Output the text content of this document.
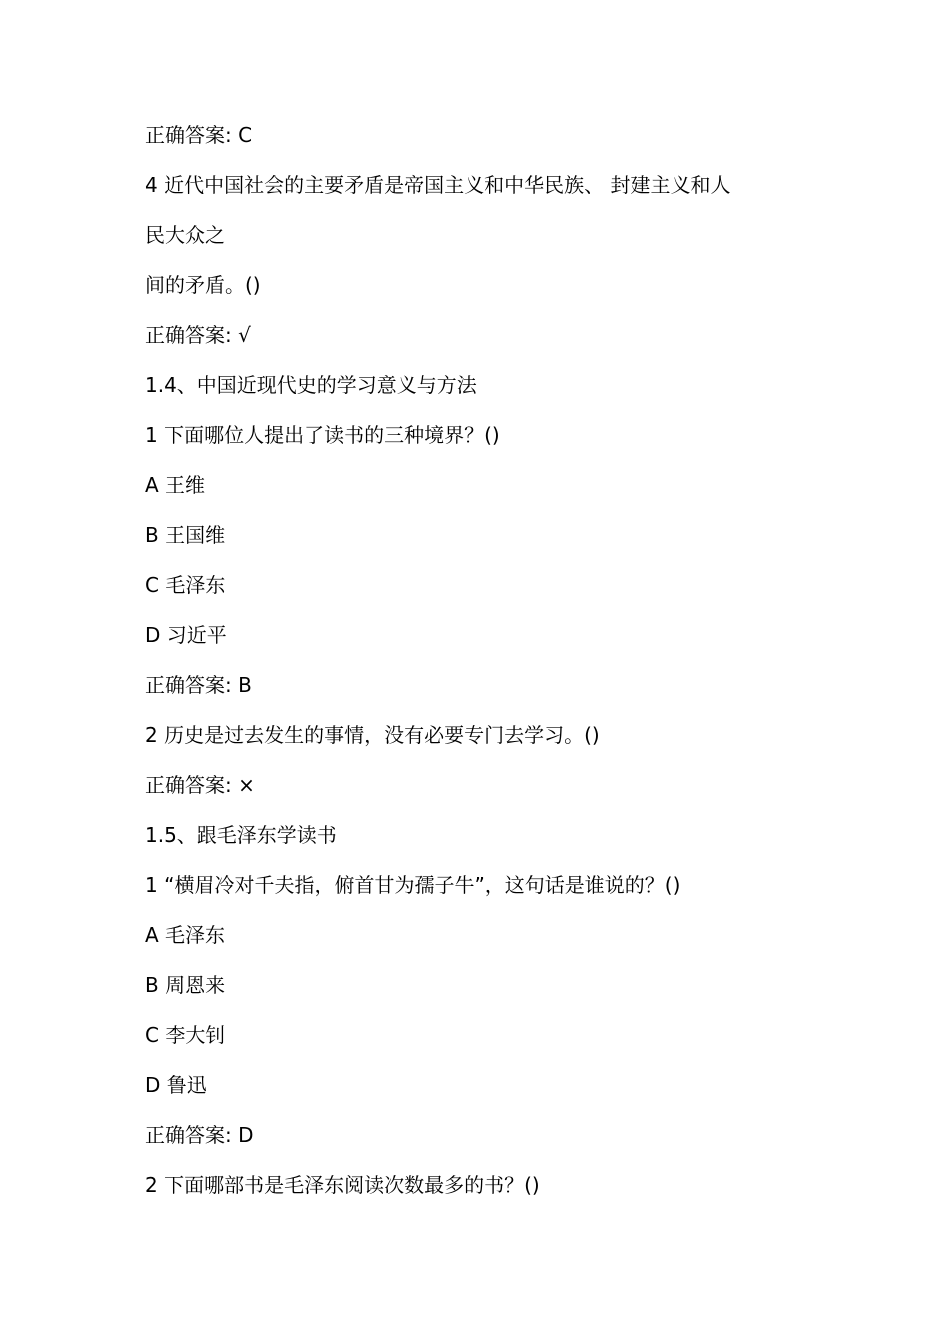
正确答案: C
4 近代中国社会的主要矛盾是帝国主义和中华民族、 封建主义和人
民大众之
间的矛盾。()
正确答案: √
1.4、中国近现代史的学习意义与方法
1 下面哪位人提出了读书的三种境界？()
A 王维
B 王国维
C 毛泽东
D 习近平
正确答案: B
2 历史是过去发生的事情，没有必要专门去学习。()
正确答案: ×
1.5、跟毛泽东学读书
1 “横眉冷对千夫指，俯首甘为孺子牛”，这句话是谁说的？()
A 毛泽东
B 周恩来
C 李大钊
D 鲁迅
正确答案: D
2 下面哪部书是毛泽东阅读次数最多的书？()
